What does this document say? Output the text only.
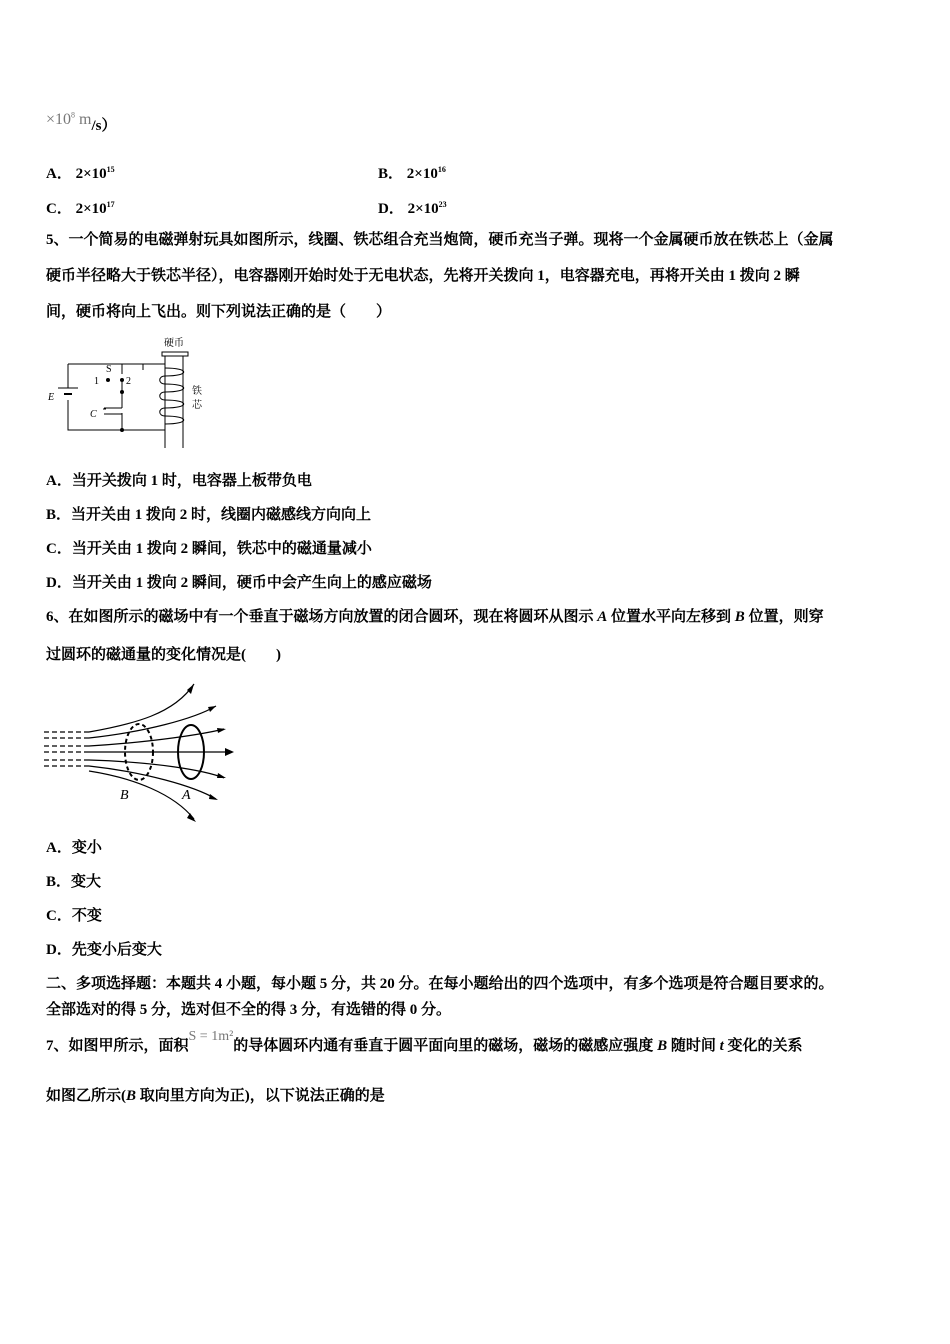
$\times 10^8$ m/s）
A． $2\times 10^{15}$	B． $2\times 10^{16}$
C． $2\times 10^{17}$	D． $2\times 10^{23}$
5、一个简易的电磁弹射玩具如图所示，线圈、铁芯组合充当炮筒，硬币充当子弹。现将一个金属硬币放在铁芯上（金属
硬币半径略大于铁芯半径），电容器刚开始时处于无电状态，先将开关拨向 1，电容器充电，再将开关由 1 拨向 2 瞬
间，硬币将向上飞出。则下列说法正确的是（　　）
硬币
铁
芯
E
S
C
1	2
A．当开关拨向 1 时，电容器上板带负电
B．当开关由 1 拨向 2 时，线圈内磁感线方向向上
C．当开关由 1 拨向 2 瞬间，铁芯中的磁通量减小
D．当开关由 1 拨向 2 瞬间，硬币中会产生向上的感应磁场
6、在如图所示的磁场中有一个垂直于磁场方向放置的闭合圆环，现在将圆环从图示 A 位置水平向左移到 B 位置，则穿
过圆环的磁通量的变化情况是(　　)
B	A
A．变小
B．变大
C．不变
D．先变小后变大
二、多项选择题：本题共 4 小题，每小题 5 分，共 20 分。在每小题给出的四个选项中，有多个选项是符合题目要求的。
全部选对的得 5 分，选对但不全的得 3 分，有选错的得 0 分。
7、如图甲所示，面积S = 1m²的导体圆环内通有垂直于圆平面向里的磁场，磁场的磁感应强度 B 随时间 t 变化的关系
如图乙所示(B 取向里方向为正)，以下说法正确的是
